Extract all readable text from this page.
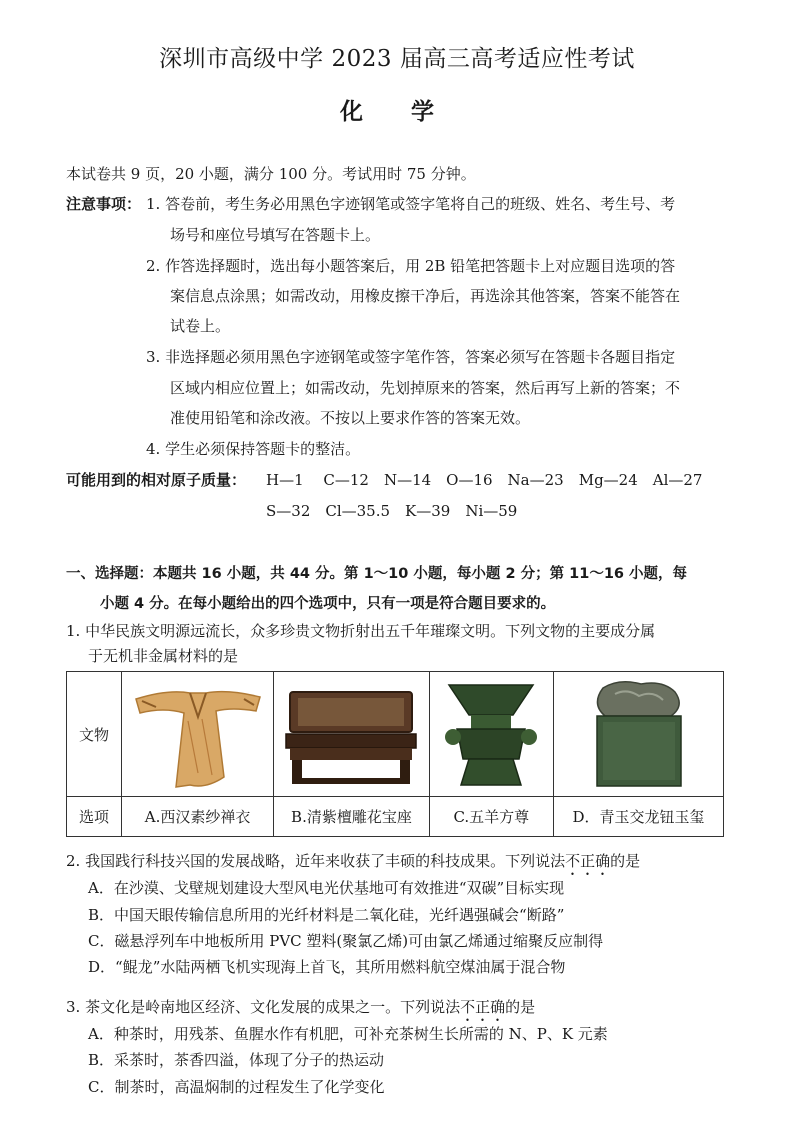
深圳市高级中学 2023 届高三高考适应性考试
化 学
本试卷共 9 页，20 小题，满分 100 分。考试用时 75 分钟。
注意事项： 1. 答卷前，考生务必用黑色字迹钢笔或签字笔将自己的班级、姓名、考生号、考
场号和座位号填写在答题卡上。
2. 作答选择题时，选出每小题答案后，用 2B 铅笔把答题卡上对应题目选项的答
案信息点涂黑；如需改动，用橡皮擦干净后，再选涂其他答案，答案不能答在
试卷上。
3. 非选择题必须用黑色字迹钢笔或签字笔作答，答案必须写在答题卡各题目指定
区域内相应位置上；如需改动，先划掉原来的答案，然后再写上新的答案；不
准使用铅笔和涂改液。不按以上要求作答的答案无效。
4. 学生必须保持答题卡的整洁。
可能用到的相对原子质量： H—1　 C—12　N—14　O—16　Na—23　Mg—24　Al—27
S—32　Cl—35.5　K—39　Ni—59
一、选择题：本题共 16 小题，共 44 分。第 1～10 小题，每小题 2 分；第 11～16 小题，每
小题 4 分。在每小题给出的四个选项中，只有一项是符合题目要求的。
1. 中华民族文明源远流长，众多珍贵文物折射出五千年璀璨文明。下列文物的主要成分属
于无机非金属材料的是
文物	

选项	A.西汉素纱禅衣	B.清紫檀雕花宝座	C.五羊方尊	D．青玉交龙钮玉玺
2. 我国践行科技兴国的发展战略，近年来收获了丰硕的科技成果。下列说法不正确的是
A．在沙漠、戈壁规划建设大型风电光伏基地可有效推进“双碳”目标实现
B．中国天眼传输信息所用的光纤材料是二氧化硅，光纤遇强碱会“断路”
C．磁悬浮列车中地板所用 PVC 塑料(聚氯乙烯)可由氯乙烯通过缩聚反应制得
D．“鲲龙”水陆两栖飞机实现海上首飞，其所用燃料航空煤油属于混合物
3. 茶文化是岭南地区经济、文化发展的成果之一。下列说法不正确的是
A．种茶时，用残茶、鱼腥水作有机肥，可补充茶树生长所需的 N、P、K 元素
B．采茶时，茶香四溢，体现了分子的热运动
C．制茶时，高温焖制的过程发生了化学变化
